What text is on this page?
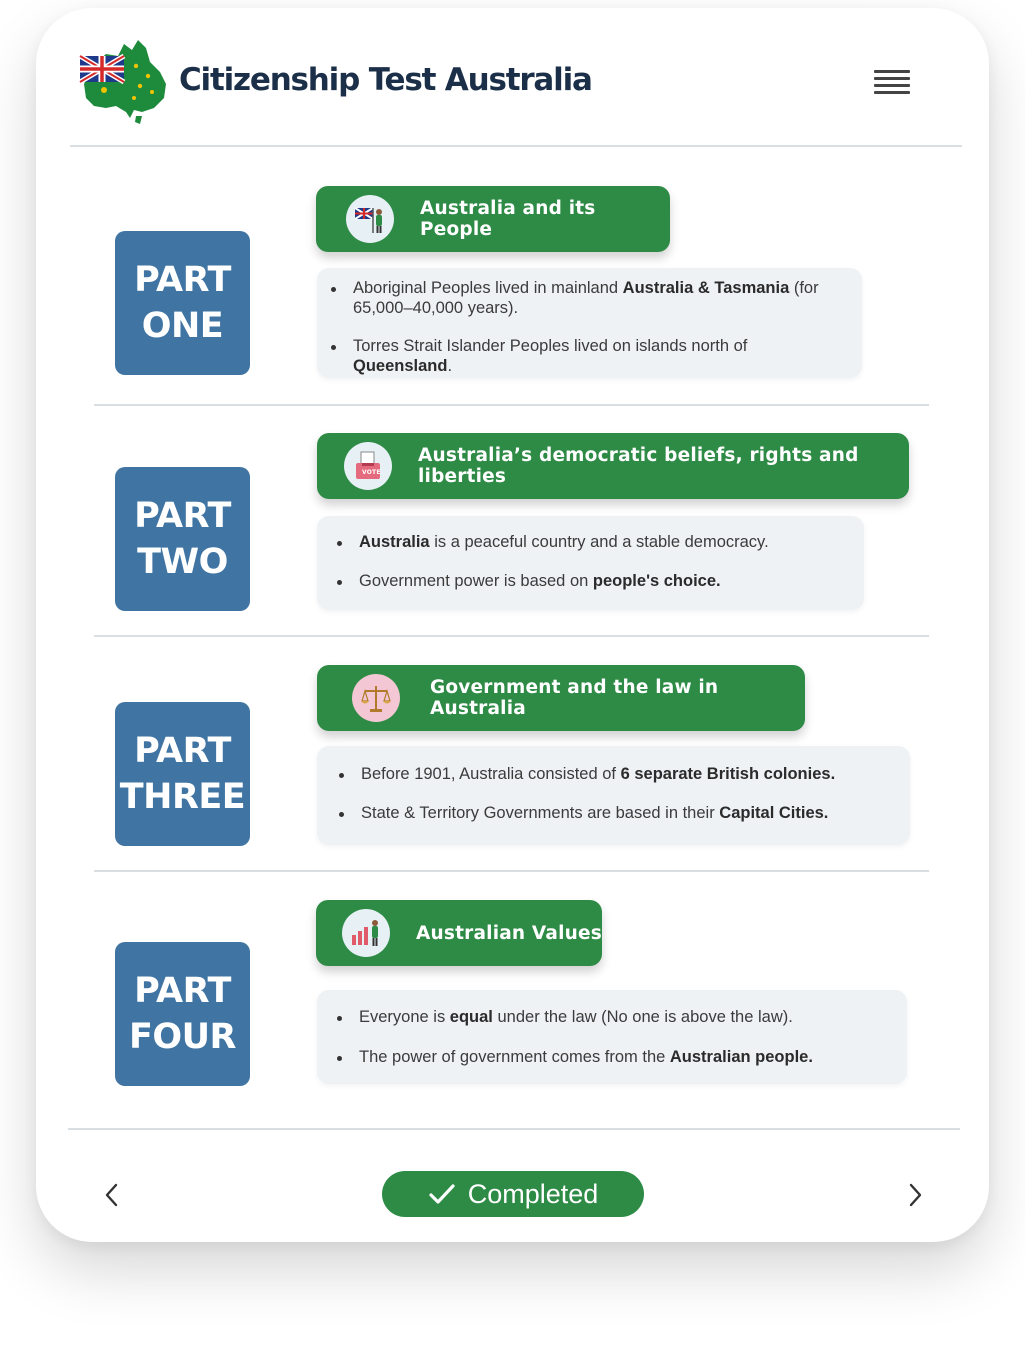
Citizenship Test Australia
PART
ONE
Australia and its People
Aboriginal Peoples lived in mainland Australia & Tasmania (for 65,000–40,000 years).
Torres Strait Islander Peoples lived on islands north of Queensland.
PART
TWO
VOTE
Australia’s democratic beliefs, rights and liberties
Australia is a peaceful country and a stable democracy.
Government power is based on people's choice.
PART
THREE
Government and the law in Australia
Before 1901, Australia consisted of 6 separate British colonies.
State & Territory Governments are based in their Capital Cities.
PART
FOUR
Australian Values
Everyone is equal under the law (No one is above the law).
The power of government comes from the Australian people.
Completed
